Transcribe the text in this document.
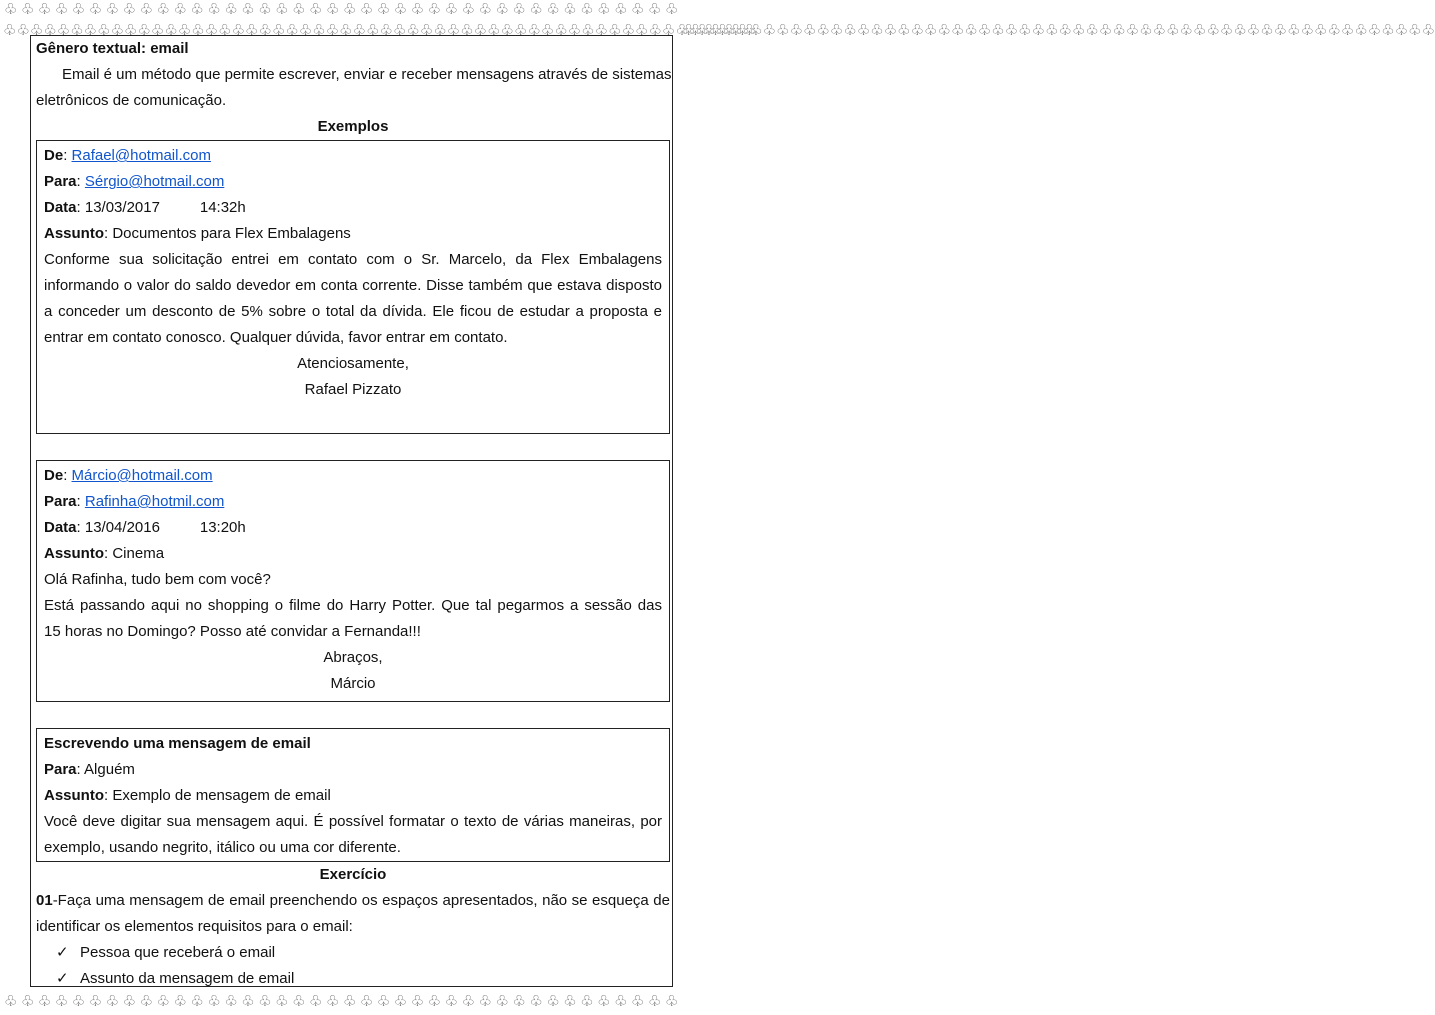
♧♧♧♧♧♧♧♧♧♧♧♧♧♧♧♧♧♧♧♧♧♧♧♧♧♧♧♧♧♧♧♧♧♧♧♧♧♧♧♧
♧♧♧♧♧♧♧♧♧♧♧♧♧♧♧♧♧♧♧♧♧♧♧♧♧♧♧♧♧♧♧♧♧♧♧♧♧♧♧♧
♧♧♧♧♧♧♧♧♧♧♧♧♧♧♧♧♧♧♧♧♧♧♧♧♧♧♧♧♧♧♧♧♧♧♧♧♧♧♧♧♧♧♧♧♧♧♧♧♧♧♧♧♧♧♧♧
♧♧♧♧♧♧♧♧♧♧♧♧♧♧♧♧♧♧♧♧♧♧♧♧♧♧♧♧♧♧♧♧♧♧♧♧♧♧♧♧♧♧♧♧♧♧♧♧♧♧♧♧♧♧♧♧
Gênero textual: email
Email é um método que permite escrever, enviar e receber mensagens através de sistemas
eletrônicos de comunicação.
Exemplos
De: Rafael@hotmail.com
Para: Sérgio@hotmail.com
Data: 13/03/2017	14:32h
Assunto: Documentos para Flex Embalagens
Conforme sua solicitação entrei em contato com o Sr. Marcelo, da Flex Embalagens
informando o valor do saldo devedor em conta corrente. Disse também que estava disposto
a conceder um desconto de 5% sobre o total da dívida. Ele ficou de estudar a proposta e
entrar em contato conosco. Qualquer dúvida, favor entrar em contato.
Atenciosamente,
Rafael Pizzato
De: Márcio@hotmail.com
Para: Rafinha@hotmil.com
Data: 13/04/2016	13:20h
Assunto: Cinema
Olá Rafinha, tudo bem com você?
Está passando aqui no shopping o filme do Harry Potter. Que tal pegarmos a sessão das
15 horas no Domingo? Posso até convidar a Fernanda!!!
Abraços,
Márcio
Escrevendo uma mensagem de email
Para: Alguém
Assunto: Exemplo de mensagem de email
Você deve digitar sua mensagem aqui. É possível formatar o texto de várias maneiras, por
exemplo, usando negrito, itálico ou uma cor diferente.
Exercício
01-Faça uma mensagem de email preenchendo os espaços apresentados, não se esqueça de
identificar os elementos requisitos para o email:
✓ Pessoa que receberá o email
✓ Assunto da mensagem de email
